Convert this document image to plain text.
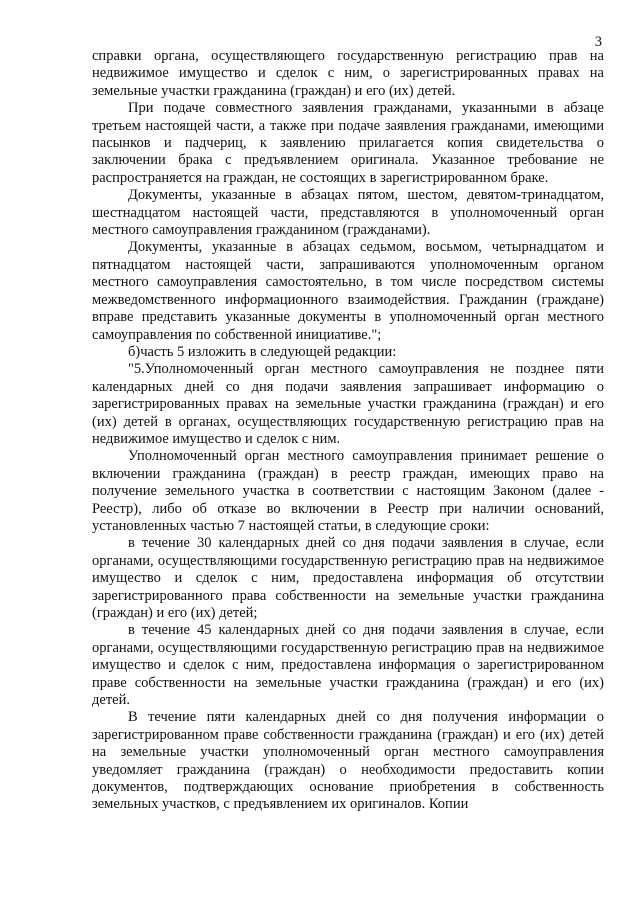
3

справки органа, осуществляющего государственную регистрацию прав на недвижимое имущество и сделок с ним, о зарегистрированных правах на земельные участки гражданина (граждан) и его (их) детей.

При подаче совместного заявления гражданами, указанными в абзаце третьем настоящей части, а также при подаче заявления гражданами, имеющими пасынков и падчериц, к заявлению прилагается копия свидетельства о заключении брака с предъявлением оригинала. Указанное требование не распространяется на граждан, не состоящих в зарегистрированном браке.

Документы, указанные в абзацах пятом, шестом, девятом-тринадцатом, шестнадцатом настоящей части, представляются в уполномоченный орган местного самоуправления гражданином (гражданами).

Документы, указанные в абзацах седьмом, восьмом, четырнадцатом и пятнадцатом настоящей части, запрашиваются уполномоченным органом местного самоуправления самостоятельно, в том числе посредством системы межведомственного информационного взаимодействия. Гражданин (граждане) вправе представить указанные документы в уполномоченный орган местного самоуправления по собственной инициативе.";

б)часть 5 изложить в следующей редакции:

"5.Уполномоченный орган местного самоуправления не позднее пяти календарных дней со дня подачи заявления запрашивает информацию о зарегистрированных правах на земельные участки гражданина (граждан) и его (их) детей в органах, осуществляющих государственную регистрацию прав на недвижимое имущество и сделок с ним.

Уполномоченный орган местного самоуправления принимает решение о включении гражданина (граждан) в реестр граждан, имеющих право на получение земельного участка в соответствии с настоящим Законом (далее - Реестр), либо об отказе во включении в Реестр при наличии оснований, установленных частью 7 настоящей статьи, в следующие сроки:

в течение 30 календарных дней со дня подачи заявления в случае, если органами, осуществляющими государственную регистрацию прав на недвижимое имущество и сделок с ним, предоставлена информация об отсутствии зарегистрированного права собственности на земельные участки гражданина (граждан) и его (их) детей;

в течение 45 календарных дней со дня подачи заявления в случае, если органами, осуществляющими государственную регистрацию прав на недвижимое имущество и сделок с ним, предоставлена информация о зарегистрированном праве собственности на земельные участки гражданина (граждан) и его (их) детей.

В течение пяти календарных дней со дня получения информации о зарегистрированном праве собственности гражданина (граждан) и его (их) детей на земельные участки уполномоченный орган местного самоуправления уведомляет гражданина (граждан) о необходимости предоставить копии документов, подтверждающих основание приобретения в собственность земельных участков, с предъявлением их оригиналов. Копии
